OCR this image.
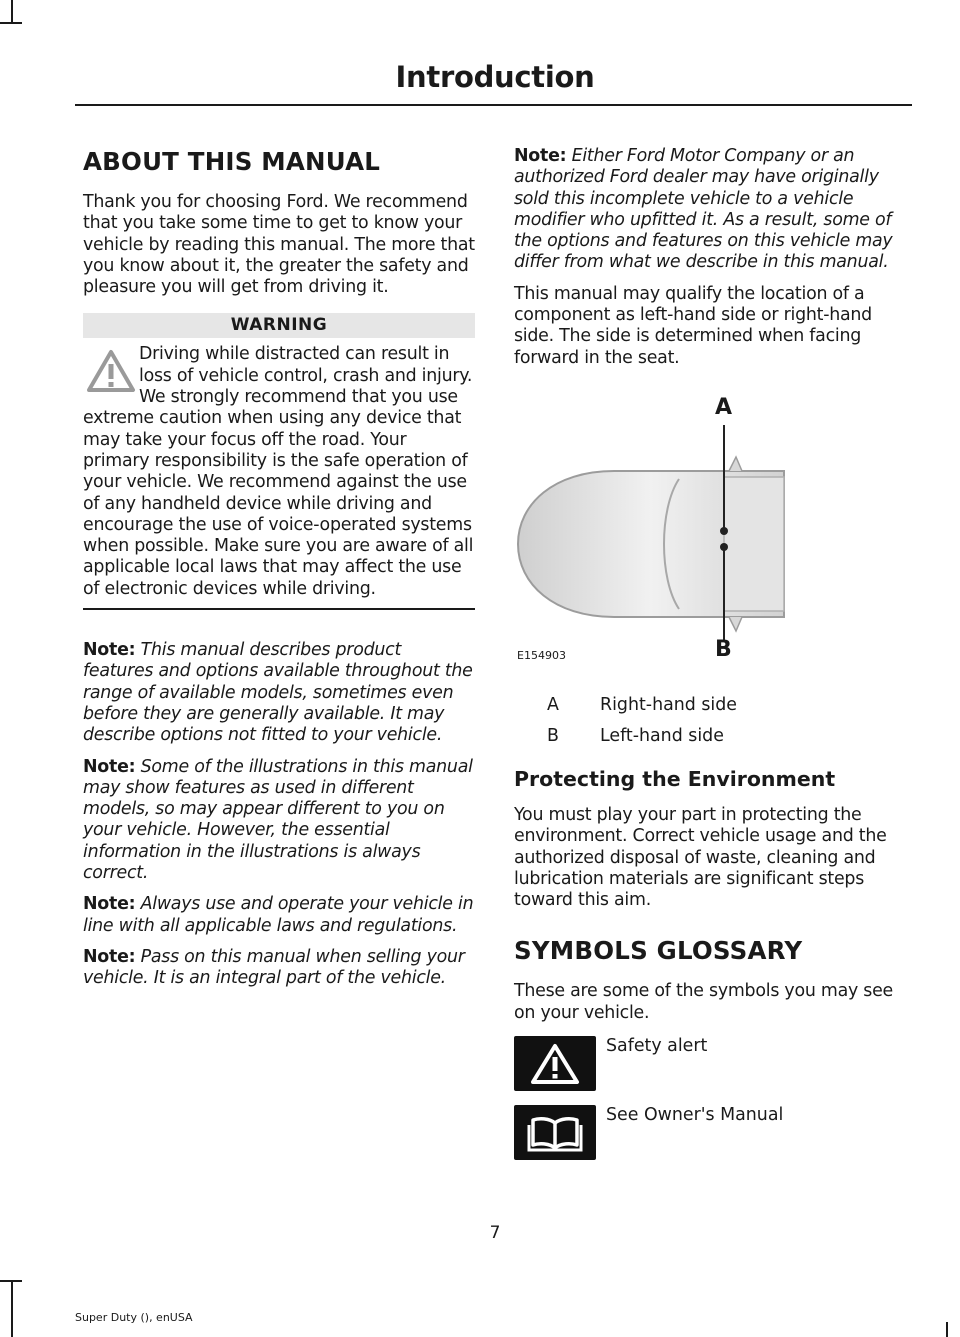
Introduction
ABOUT THIS MANUAL
Thank you for choosing Ford. We recommend that you take some time to get to know your vehicle by reading this manual. The more that you know about it, the greater the safety and pleasure you will get from driving it.
WARNING
Driving while distracted can result in loss of vehicle control, crash and injury. We strongly recommend that you use extreme caution when using any device that may take your focus off the road. Your primary responsibility is the safe operation of your vehicle. We recommend against the use of any handheld device while driving and encourage the use of voice-operated systems when possible. Make sure you are aware of all applicable local laws that may affect the use of electronic devices while driving.
Note: This manual describes product features and options available throughout the range of available models, sometimes even before they are generally available. It may describe options not fitted to your vehicle.
Note: Some of the illustrations in this manual may show features as used in different models, so may appear different to you on your vehicle. However, the essential information in the illustrations is always correct.
Note: Always use and operate your vehicle in line with all applicable laws and regulations.
Note: Pass on this manual when selling your vehicle. It is an integral part of the vehicle.
Note: Either Ford Motor Company or an authorized Ford dealer may have originally sold this incomplete vehicle to a vehicle modifier who upfitted it. As a result, some of the options and features on this vehicle may differ from what we describe in this manual.
This manual may qualify the location of a component as left-hand side or right-hand side. The side is determined when facing forward in the seat.
A
B
E154903
A	Right-hand side
B	Left-hand side
Protecting the Environment
You must play your part in protecting the environment. Correct vehicle usage and the authorized disposal of waste, cleaning and lubrication materials are significant steps toward this aim.
SYMBOLS GLOSSARY
These are some of the symbols you may see on your vehicle.
Safety alert
See Owner's Manual
7
Super Duty (), enUSA
